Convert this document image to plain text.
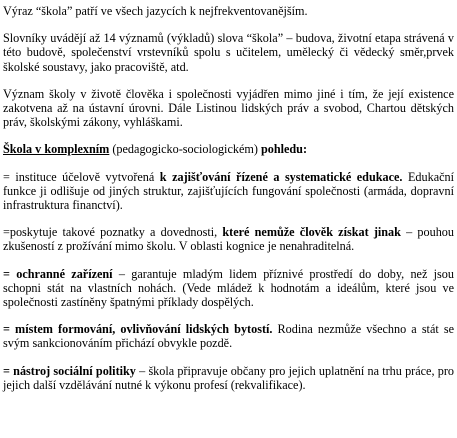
Výraz “škola” patří ve všech jazycích k nejfrekventovanějším.

Slovníky uvádějí až 14 významů (výkladů) slova “škola” – budova, životní etapa strávená v této budově, společenství vrstevníků spolu s učitelem, umělecký či vědecký směr,prvek školské soustavy, jako pracoviště, atd.

Význam školy v životě člověka i společnosti vyjádřen mimo jiné i tím, že její existence zakotvena až na ústavní úrovni. Dále Listinou lidských práv a svobod, Chartou dětských práv, školskými zákony, vyhláškami.

Škola v komplexním (pedagogicko-sociologickém) pohledu:

= instituce účelově vytvořená k zajišťování řízené a systematické edukace. Edukační funkce ji odlišuje od jiných struktur, zajišťujících fungování společnosti (armáda, dopravní infrastruktura financtví).

=poskytuje takové poznatky a dovednosti, které nemůže člověk získat jinak – pouhou zkušeností z prožívání mimo školu. V oblasti kognice je nenahraditelná.

= ochranné zařízení – garantuje mladým lidem příznivé prostředí do doby, než jsou schopni stát na vlastních nohách. (Vede mládež k hodnotám a ideálům, které jsou ve společnosti zastíněny špatnými příklady dospělých.

= místem formování, ovlivňování lidských bytostí. Rodina nezmůže všechno a stát se svým sankcionováním přichází obvykle pozdě.

= nástroj sociální politiky – škola připravuje občany pro jejich uplatnění na trhu práce, pro jejich další vzdělávání nutné k výkonu profesí (rekvalifikace).
